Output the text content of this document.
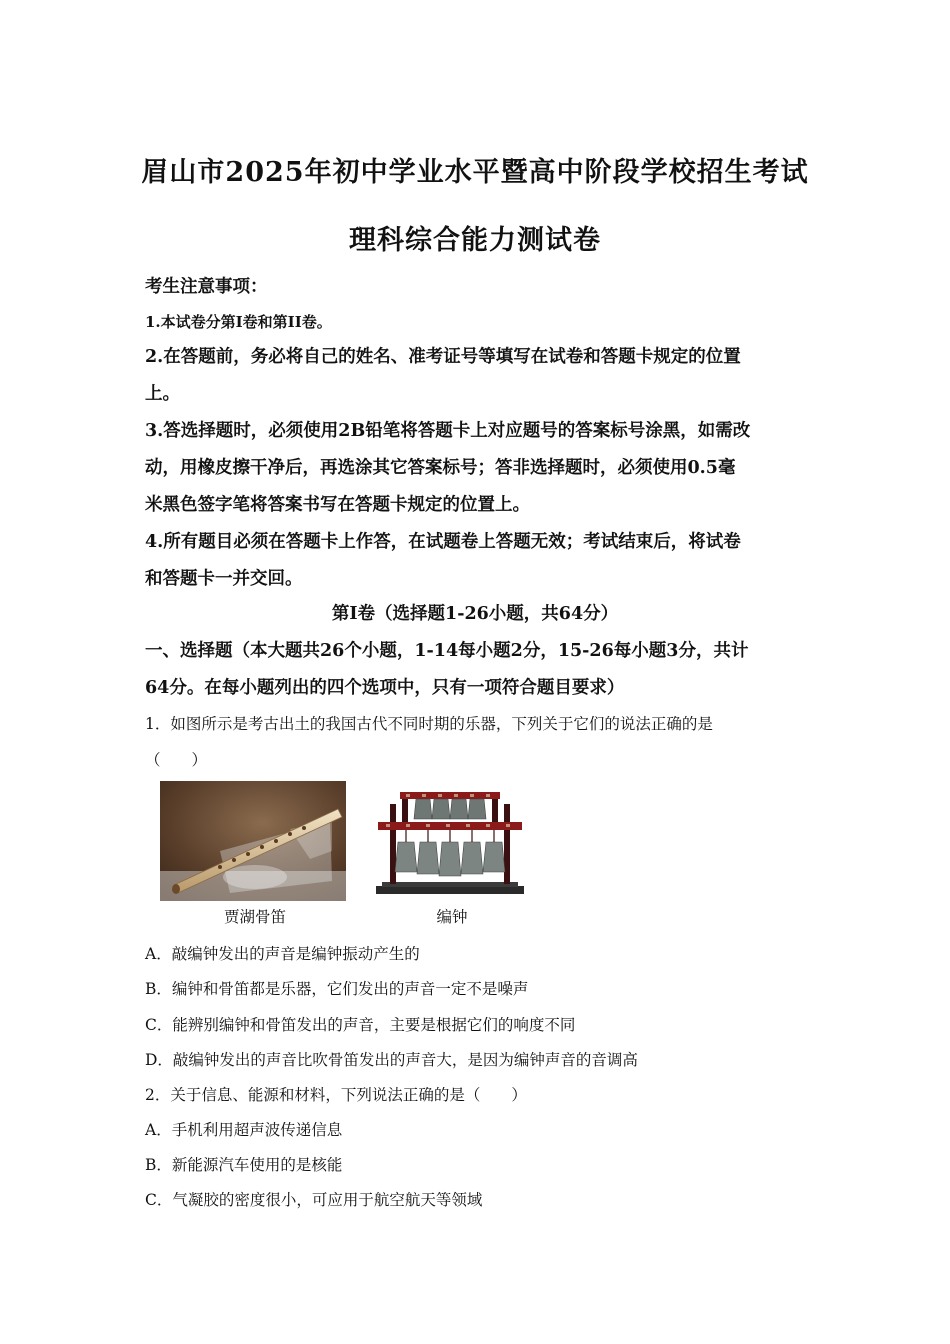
眉山市2025年初中学业水平暨高中阶段学校招生考试
理科综合能力测试卷
考生注意事项：
1.本试卷分第I卷和第II卷。
2.在答题前，务必将自己的姓名、准考证号等填写在试卷和答题卡规定的位置
上。
3.答选择题时，必须使用2B铅笔将答题卡上对应题号的答案标号涂黑，如需改
动，用橡皮擦干净后，再选涂其它答案标号；答非选择题时，必须使用0.5毫
米黑色签字笔将答案书写在答题卡规定的位置上。
4.所有题目必须在答题卡上作答，在试题卷上答题无效；考试结束后，将试卷
和答题卡一并交回。
第I卷（选择题1-26小题，共64分）
一、选择题（本大题共26个小题，1-14每小题2分，15-26每小题3分，共计
64分。在每小题列出的四个选项中，只有一项符合题目要求）
1．如图所示是考古出土的我国古代不同时期的乐器，下列关于它们的说法正确的是
（　　）
贾湖骨笛	编钟
A．敲编钟发出的声音是编钟振动产生的
B．编钟和骨笛都是乐器，它们发出的声音一定不是噪声
C．能辨别编钟和骨笛发出的声音，主要是根据它们的响度不同
D．敲编钟发出的声音比吹骨笛发出的声音大，是因为编钟声音的音调高
2．关于信息、能源和材料，下列说法正确的是（　　）
A．手机利用超声波传递信息
B．新能源汽车使用的是核能
C．气凝胶的密度很小，可应用于航空航天等领域
